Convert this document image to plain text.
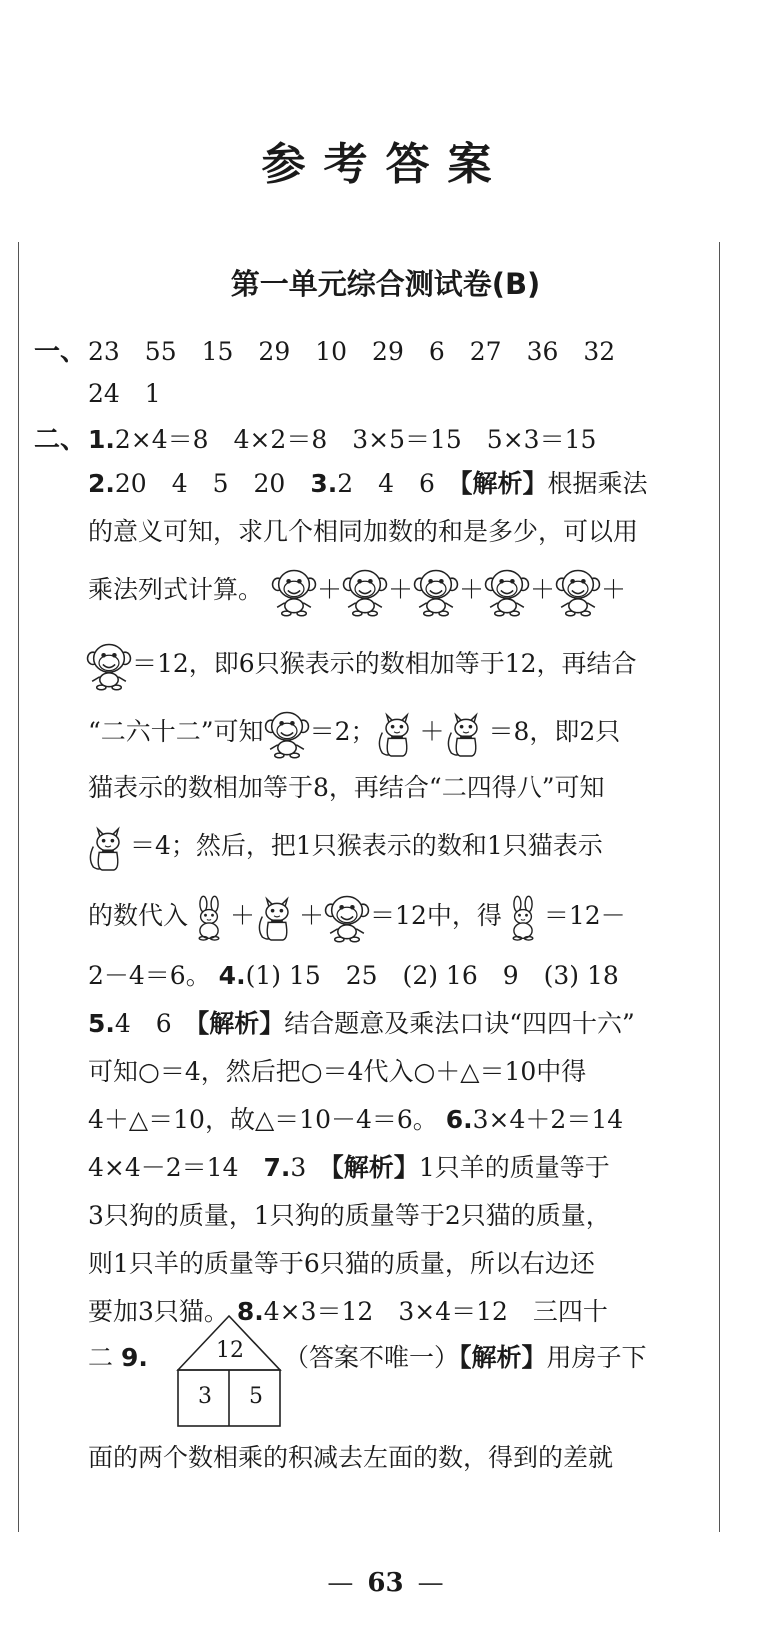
参考答案
第一单元综合测试卷(B)
一、 23　55　15　29　10　29　6　27　36　32
24　1
二、 1.2×4＝8　4×2＝8　3×5＝15　5×3＝15
2.20　4　5　20　3.2　4　6　【解析】根据乘法
的意义可知，求几个相同加数的和是多少，可以用
乘法列式计算。 ＋ ＋ ＋ ＋ ＋
＝12，即6只猴表示的数相加等于12，再结合
“二六十二”可知 ＝2； ＋ ＝8，即2只
猫表示的数相加等于8，再结合“二四得八”可知
＝4；然后，把1只猴表示的数和1只猫表示
的数代入 ＋ ＋ ＝12中，得 ＝12－
2－4＝6。 4.(1) 15　25　(2) 16　9　(3) 18
5.4　6　【解析】结合题意及乘法口诀“四四十六”
可知○＝4，然后把○＝4代入○＋△＝10中得
4＋△＝10，故△＝10－4＝6。 6.3×4＋2＝14
4×4－2＝14　7.3　【解析】1只羊的质量等于
3只狗的质量，1只狗的质量等于2只猫的质量，
则1只羊的质量等于6只猫的质量，所以右边还
要加3只猫。 8.4×3＝12　3×4＝12　三四十
二 9.	（答案不唯一）【解析】用房子下
12
3 5
面的两个数相乘的积减去左面的数，得到的差就
— 63 —
